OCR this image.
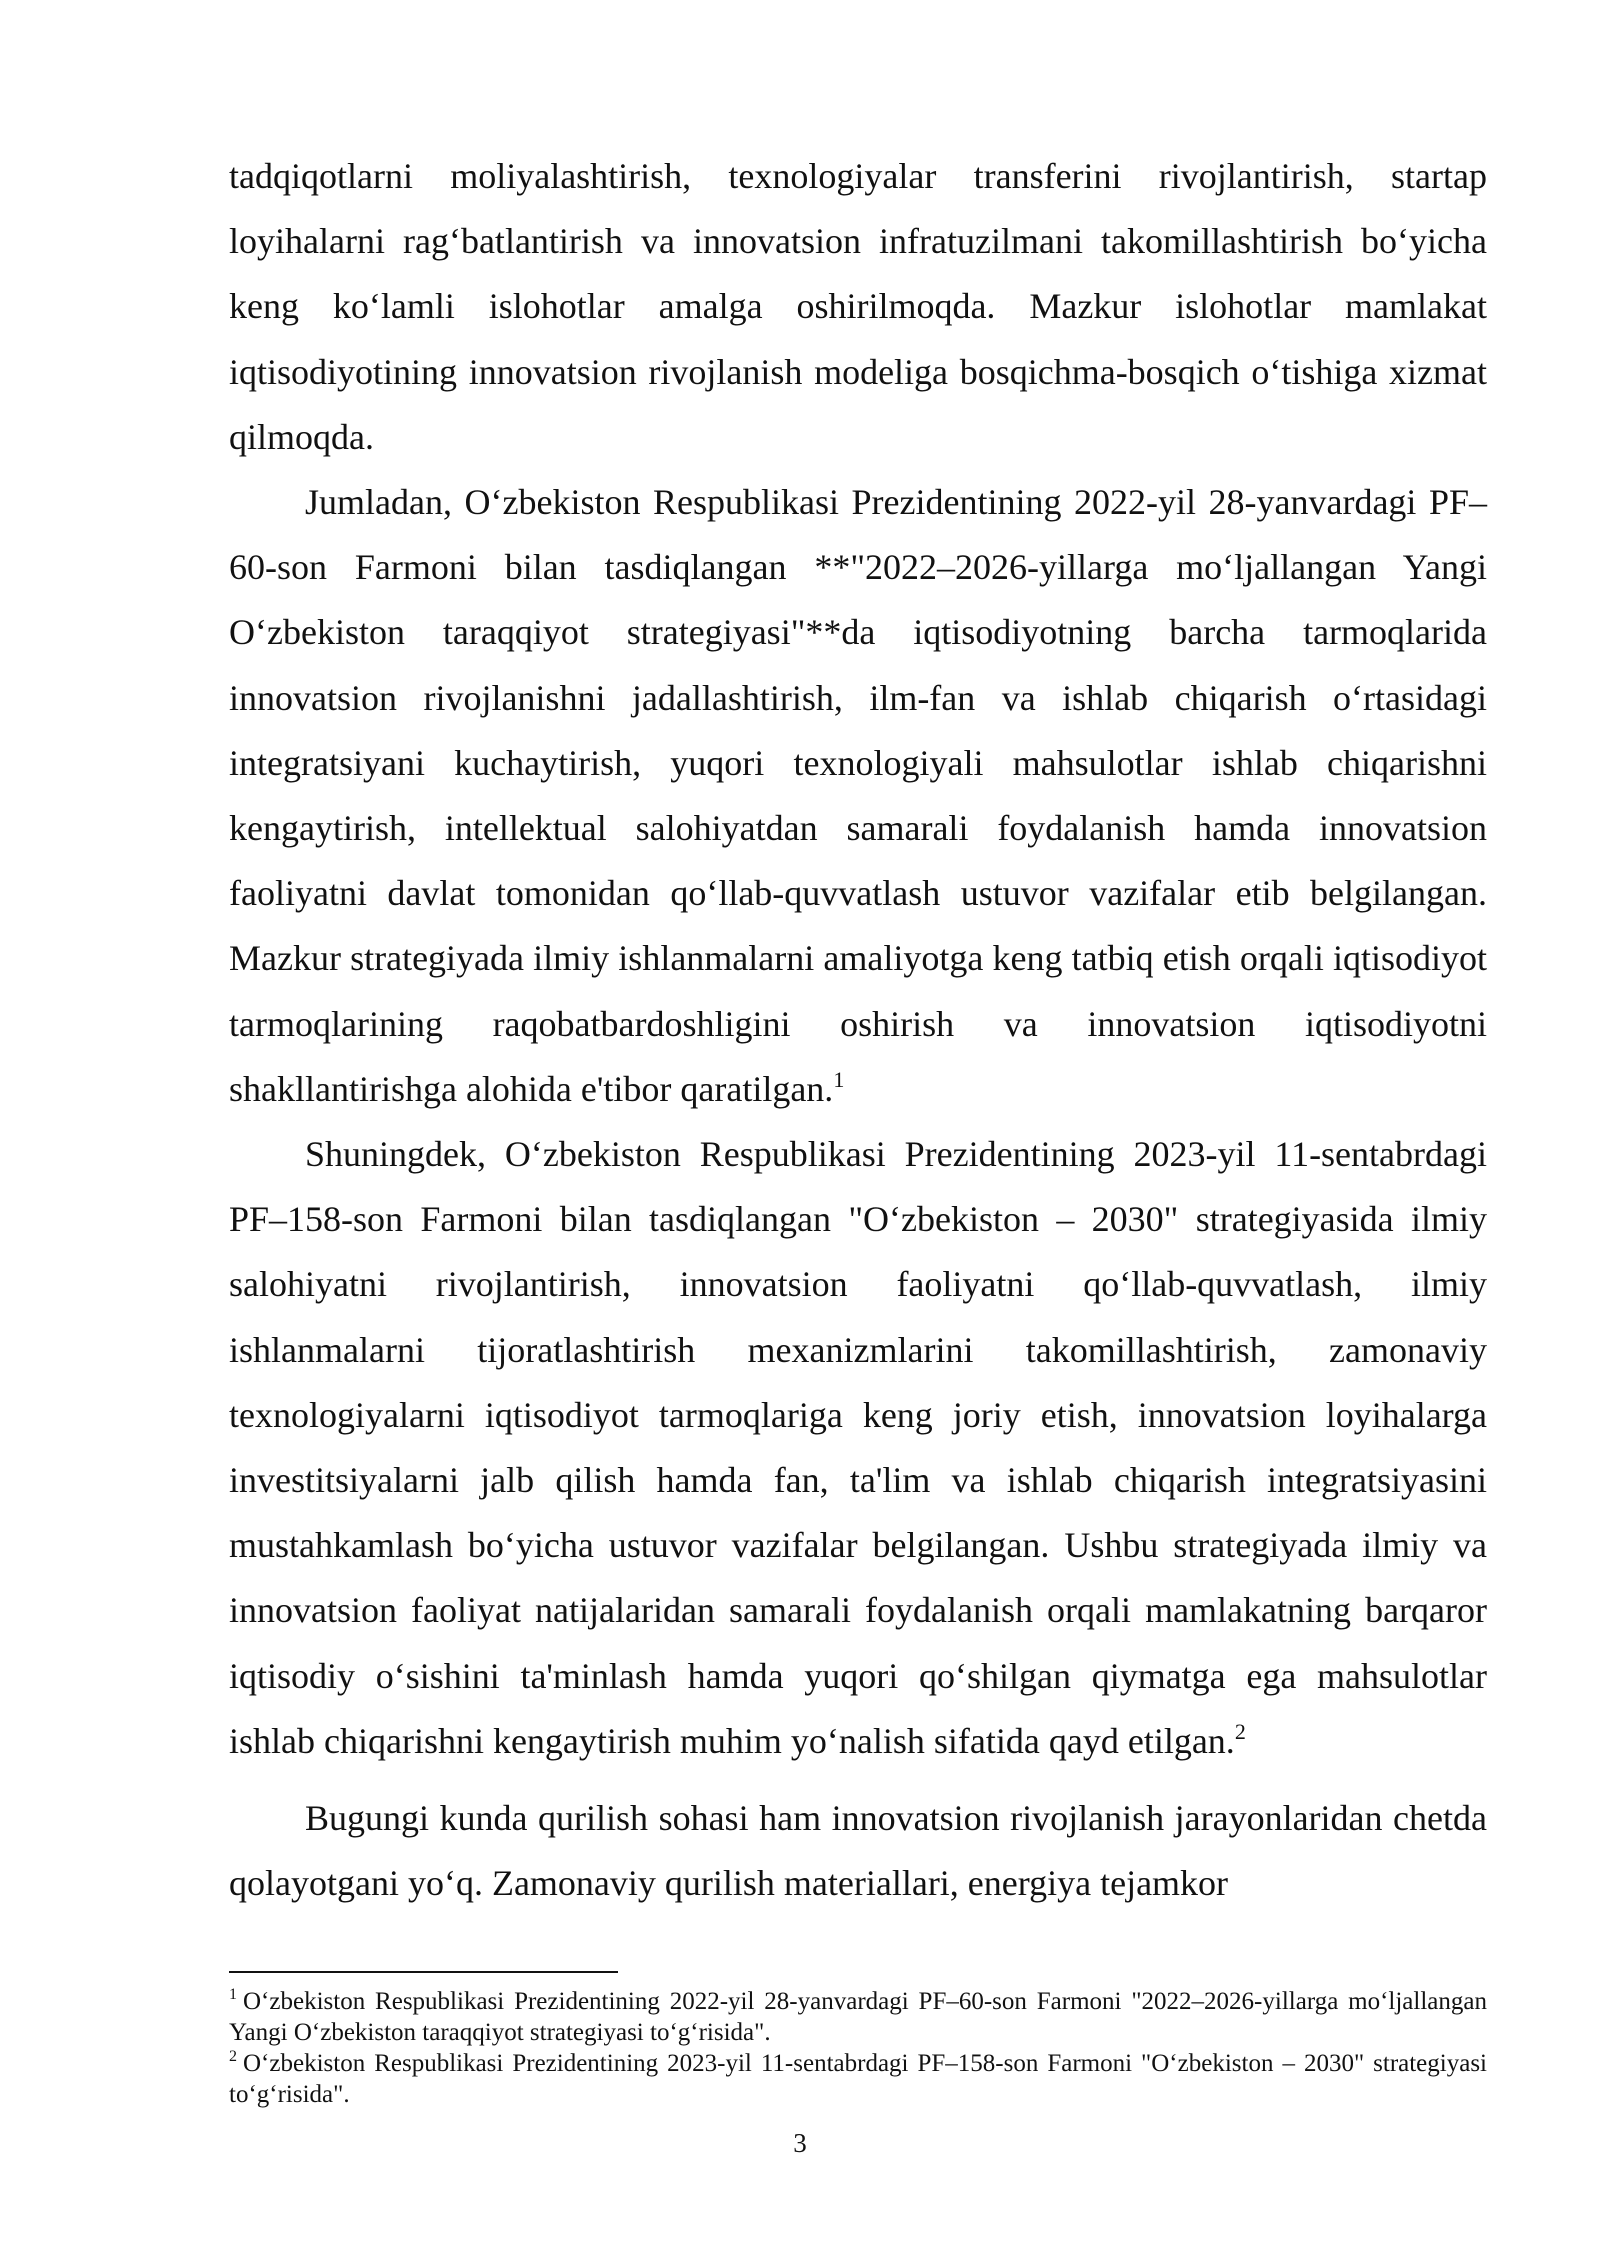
tadqiqotlarni moliyalashtirish, texnologiyalar transferini rivojlantirish, startap loyihalarni rag‘batlantirish va innovatsion infratuzilmani takomillashtirish bo‘yicha keng ko‘lamli islohotlar amalga oshirilmoqda. Mazkur islohotlar mamlakat iqtisodiyotining innovatsion rivojlanish modeliga bosqichma-bosqich o‘tishiga xizmat qilmoqda.

Jumladan, O‘zbekiston Respublikasi Prezidentining 2022-yil 28-yanvardagi PF–60-son Farmoni bilan tasdiqlangan **"2022–2026-yillarga mo‘ljallangan Yangi O‘zbekiston taraqqiyot strategiyasi"**da iqtisodiyotning barcha tarmoqlarida innovatsion rivojlanishni jadallashtirish, ilm-fan va ishlab chiqarish o‘rtasidagi integratsiyani kuchaytirish, yuqori texnologiyali mahsulotlar ishlab chiqarishni kengaytirish, intellektual salohiyatdan samarali foydalanish hamda innovatsion faoliyatni davlat tomonidan qo‘llab-quvvatlash ustuvor vazifalar etib belgilangan. Mazkur strategiyada ilmiy ishlanmalarni amaliyotga keng tatbiq etish orqali iqtisodiyot tarmoqlarining raqobatbardoshligini oshirish va innovatsion iqtisodiyotni shakllantirishga alohida e'tibor qaratilgan.$^1$

Shuningdek, O‘zbekiston Respublikasi Prezidentining 2023-yil 11-sentabrdagi PF–158-son Farmoni bilan tasdiqlangan "O‘zbekiston – 2030" strategiyasida ilmiy salohiyatni rivojlantirish, innovatsion faoliyatni qo‘llab-quvvatlash, ilmiy ishlanmalarni tijoratlashtirish mexanizmlarini takomillashtirish, zamonaviy texnologiyalarni iqtisodiyot tarmoqlariga keng joriy etish, innovatsion loyihalarga investitsiyalarni jalb qilish hamda fan, ta'lim va ishlab chiqarish integratsiyasini mustahkamlash bo‘yicha ustuvor vazifalar belgilangan. Ushbu strategiyada ilmiy va innovatsion faoliyat natijalaridan samarali foydalanish orqali mamlakatning barqaror iqtisodiy o‘sishini ta'minlash hamda yuqori qo‘shilgan qiymatga ega mahsulotlar ishlab chiqarishni kengaytirish muhim yo‘nalish sifatida qayd etilgan.$^2$

Bugungi kunda qurilish sohasi ham innovatsion rivojlanish jarayonlaridan chetda qolayotgani yo‘q. Zamonaviy qurilish materiallari, energiya tejamkor

$^1$ O‘zbekiston Respublikasi Prezidentining 2022-yil 28-yanvardagi PF–60-son Farmoni "2022–2026-yillarga mo‘ljallangan Yangi O‘zbekiston taraqqiyot strategiyasi to‘g‘risida".

$^2$ O‘zbekiston Respublikasi Prezidentining 2023-yil 11-sentabrdagi PF–158-son Farmoni "O‘zbekiston – 2030" strategiyasi to‘g‘risida".

3
